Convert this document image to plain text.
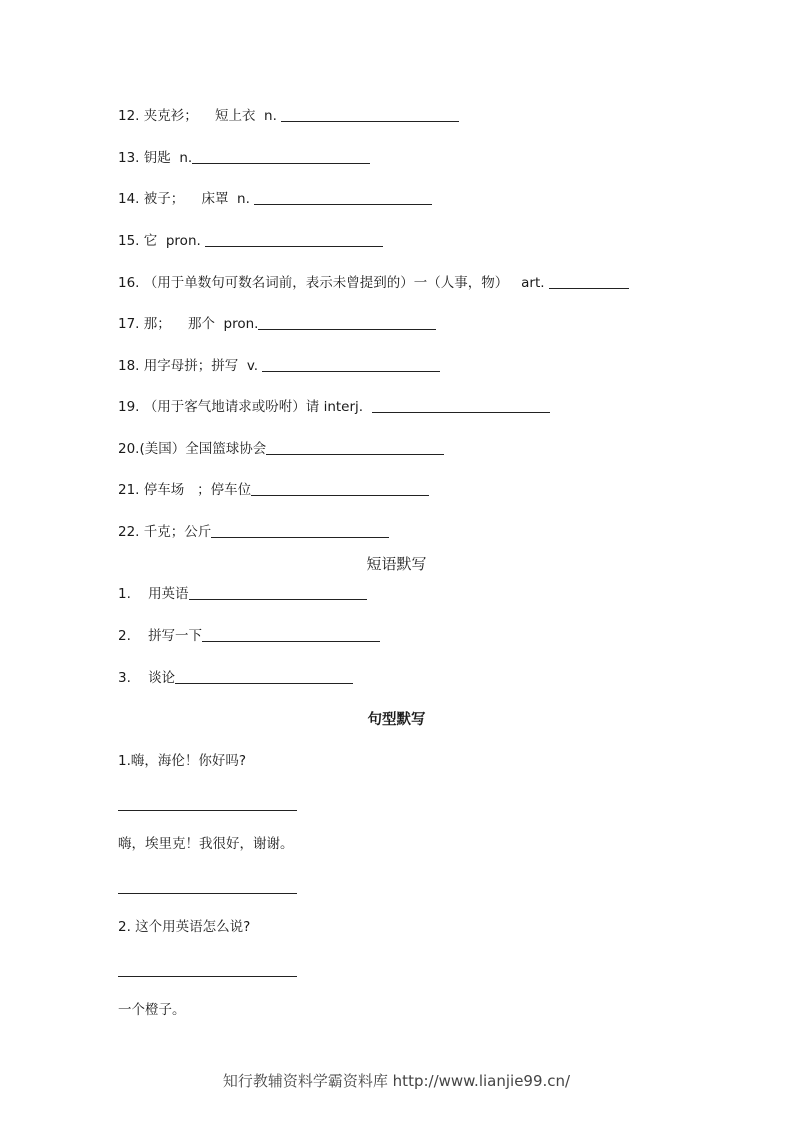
12.
夹克衫；    短上衣  n.
13.
钥匙  n.
14.
被子；    床罩  n.
15.
它  pron.
16.
（用于单数句可数名词前，表示未曾提到的）一（人事，物）   art.
17.
那；    那个  pron.
18.
用字母拼；拼写  v.
19.
（用于客气地请求或吩咐）请 interj.
20. (美国）全国篮球协会
21.
停车场   ；停车位
22.
千克；公斤
短语默写
1.
用英语
2.
拼写一下
3.
谈论
句型默写
1.嗨，海伦！你好吗?
嗨，埃里克！我很好，谢谢。
2. 这个用英语怎么说?
一个橙子。
知行教辅资料学霸资料库 http://www.lianjie99.cn/
